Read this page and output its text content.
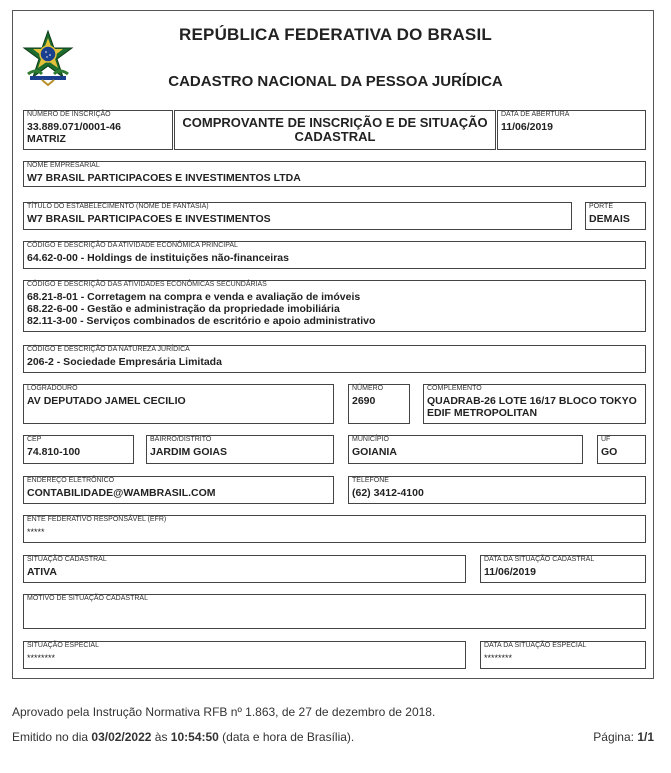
REPÚBLICA FEDERATIVA DO BRASIL
CADASTRO NACIONAL DA PESSOA JURÍDICA
NÚMERO DE INSCRIÇÃO
33.889.071/0001-46
MATRIZ
COMPROVANTE DE INSCRIÇÃO E DE SITUAÇÃO CADASTRAL
DATA DE ABERTURA
11/06/2019
NOME EMPRESARIAL
W7 BRASIL PARTICIPACOES E INVESTIMENTOS LTDA
TÍTULO DO ESTABELECIMENTO (NOME DE FANTASIA)
W7 BRASIL PARTICIPACOES E INVESTIMENTOS
PORTE
DEMAIS
CÓDIGO E DESCRIÇÃO DA ATIVIDADE ECONÔMICA PRINCIPAL
64.62-0-00 - Holdings de instituições não-financeiras
CÓDIGO E DESCRIÇÃO DAS ATIVIDADES ECONÔMICAS SECUNDÁRIAS
68.21-8-01 - Corretagem na compra e venda e avaliação de imóveis
68.22-6-00 - Gestão e administração da propriedade imobiliária
82.11-3-00 - Serviços combinados de escritório e apoio administrativo
CÓDIGO E DESCRIÇÃO DA NATUREZA JURÍDICA
206-2 - Sociedade Empresária Limitada
LOGRADOURO
AV DEPUTADO JAMEL CECILIO
NÚMERO
2690
COMPLEMENTO
QUADRAB-26 LOTE 16/17 BLOCO TOKYO
EDIF METROPOLITAN
CEP
74.810-100
BAIRRO/DISTRITO
JARDIM GOIAS
MUNICÍPIO
GOIANIA
UF
GO
ENDEREÇO ELETRÔNICO
CONTABILIDADE@WAMBRASIL.COM
TELEFONE
(62) 3412-4100
ENTE FEDERATIVO RESPONSÁVEL (EFR)
*****
SITUAÇÃO CADASTRAL
ATIVA
DATA DA SITUAÇÃO CADASTRAL
11/06/2019
MOTIVO DE SITUAÇÃO CADASTRAL
SITUAÇÃO ESPECIAL
********
DATA DA SITUAÇÃO ESPECIAL
********
Aprovado pela Instrução Normativa RFB nº 1.863, de 27 de dezembro de 2018.
Emitido no dia 03/02/2022 às 10:54:50 (data e hora de Brasília).	Página: 1/1
